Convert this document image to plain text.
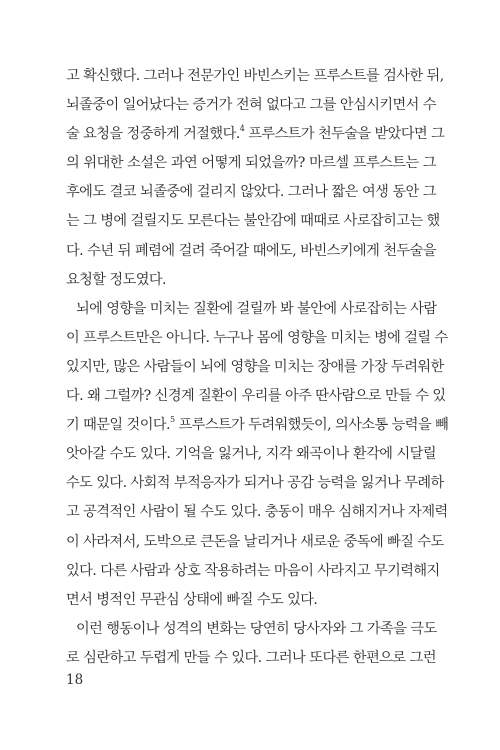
고 확신했다. 그러나 전문가인 바빈스키는 프루스트를 검사한 뒤,
뇌졸중이 일어났다는 증거가 전혀 없다고 그를 안심시키면서 수
술 요청을 정중하게 거절했다.$^4$ 프루스트가 천두술을 받았다면 그
의 위대한 소설은 과연 어떻게 되었을까? 마르셀 프루스트는 그
후에도 결코 뇌졸중에 걸리지 않았다. 그러나 짧은 여생 동안 그
는 그 병에 걸릴지도 모른다는 불안감에 때때로 사로잡히고는 했
다. 수년 뒤 폐렴에 걸려 죽어갈 때에도, 바빈스키에게 천두술을
요청할 정도였다.
뇌에 영향을 미치는 질환에 걸릴까 봐 불안에 사로잡히는 사람
이 프루스트만은 아니다. 누구나 몸에 영향을 미치는 병에 걸릴 수
있지만, 많은 사람들이 뇌에 영향을 미치는 장애를 가장 두려워한
다. 왜 그럴까? 신경계 질환이 우리를 아주 딴사람으로 만들 수 있
기 때문일 것이다.$^5$ 프루스트가 두려워했듯이, 의사소통 능력을 빼
앗아갈 수도 있다. 기억을 잃거나, 지각 왜곡이나 환각에 시달릴
수도 있다. 사회적 부적응자가 되거나 공감 능력을 잃거나 무례하
고 공격적인 사람이 될 수도 있다. 충동이 매우 심해지거나 자제력
이 사라져서, 도박으로 큰돈을 날리거나 새로운 중독에 빠질 수도
있다. 다른 사람과 상호 작용하려는 마음이 사라지고 무기력해지
면서 병적인 무관심 상태에 빠질 수도 있다.
이런 행동이나 성격의 변화는 당연히 당사자와 그 가족을 극도
로 심란하고 두렵게 만들 수 있다. 그러나 또다른 한편으로 그런
18
